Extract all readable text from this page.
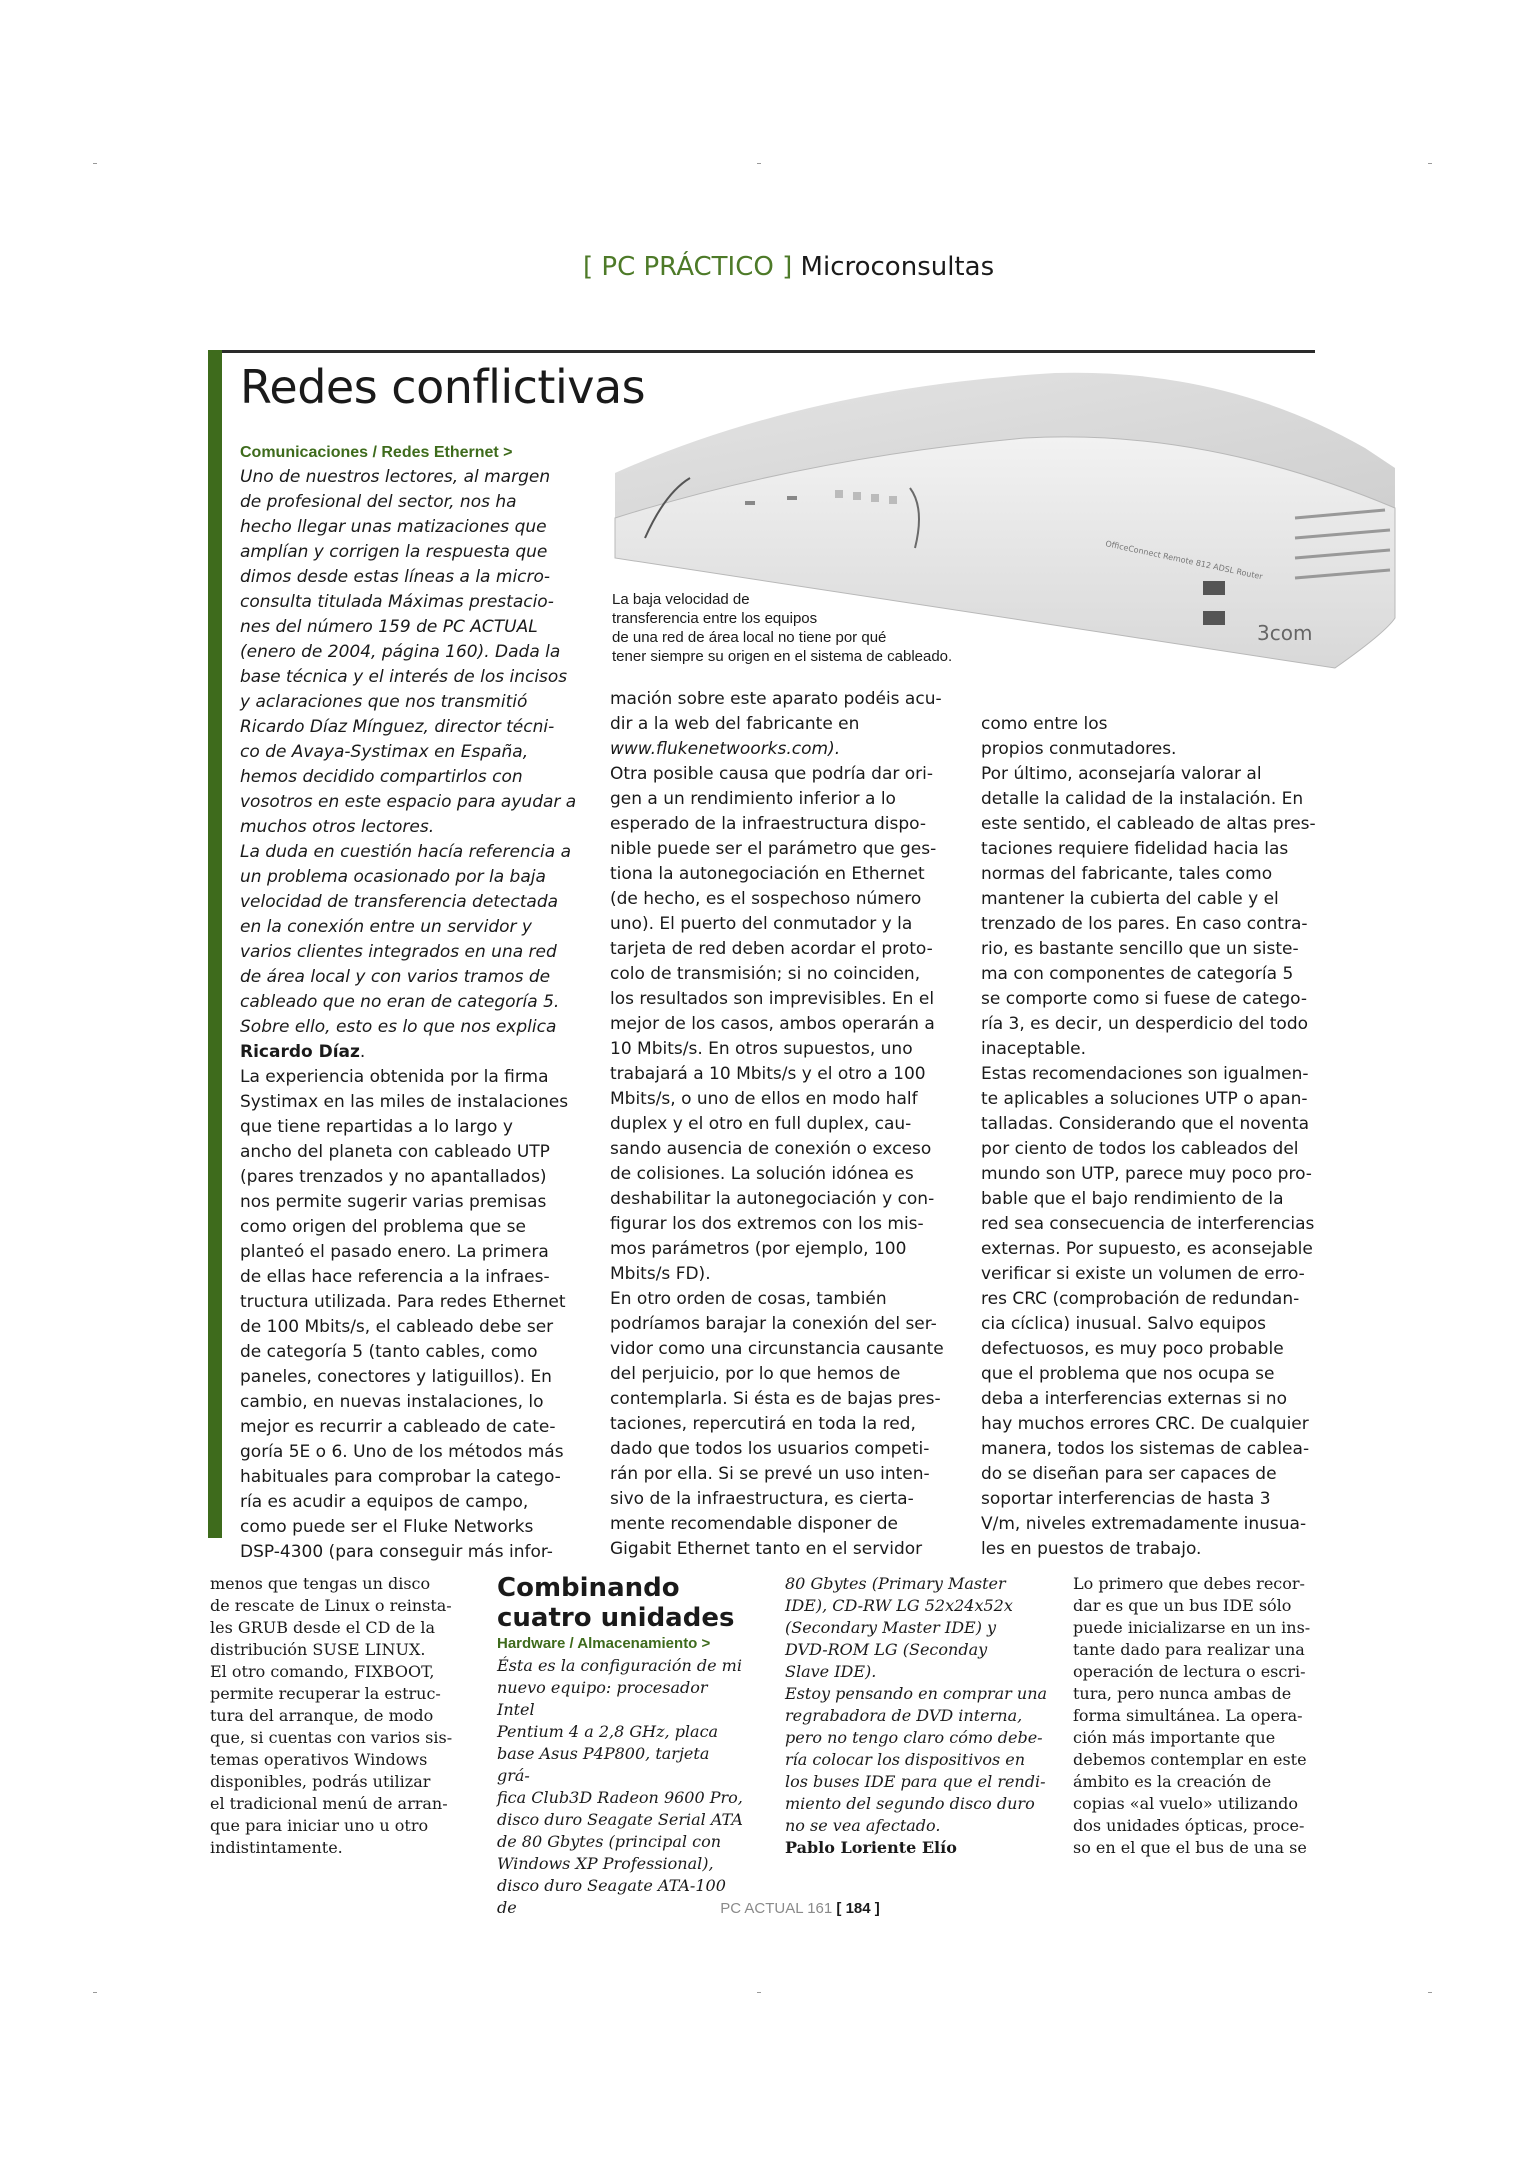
[ PC PRÁCTICO ] Microconsultas
Redes conflictivas

Comunicaciones / Redes Ethernet >

Uno de nuestros lectores, al margen

de profesional del sector, nos ha

hecho llegar unas matizaciones que

amplían y corrigen la respuesta que

dimos desde estas líneas a la micro-

consulta titulada Máximas prestacio-

nes del número 159 de PC ACTUAL

(enero de 2004, página 160). Dada la

base técnica y el interés de los incisos

y aclaraciones que nos transmitió

Ricardo Díaz Mínguez, director técni-

co de Avaya-Systimax en España,

hemos decidido compartirlos con

vosotros en este espacio para ayudar a

muchos otros lectores.

La duda en cuestión hacía referencia a

un problema ocasionado por la baja

velocidad de transferencia detectada

en la conexión entre un servidor y

varios clientes integrados en una red

de área local y con varios tramos de

cableado que no eran de categoría 5.

Sobre ello, esto es lo que nos explica

Ricardo Díaz.

La experiencia obtenida por la firma

Systimax en las miles de instalaciones

que tiene repartidas a lo largo y

ancho del planeta con cableado UTP

(pares trenzados y no apantallados)

nos permite sugerir varias premisas

como origen del problema que se

planteó el pasado enero. La primera

de ellas hace referencia a la infraes-

tructura utilizada. Para redes Ethernet

de 100 Mbits/s, el cableado debe ser

de categoría 5 (tanto cables, como

paneles, conectores y latiguillos). En

cambio, en nuevas instalaciones, lo

mejor es recurrir a cableado de cate-

goría 5E o 6. Uno de los métodos más

habituales para comprobar la catego-

ría es acudir a equipos de campo,

como puede ser el Fluke Networks

DSP-4300 (para conseguir más infor-

OfficeConnect Remote 812 ADSL Router
3com

La baja velocidad de

transferencia entre los equipos

de una red de área local no tiene por qué

tener siempre su origen en el sistema de cableado.

mación sobre este aparato podéis acu-

dir a la web del fabricante en

www.flukenetwoorks.com).

Otra posible causa que podría dar ori-

gen a un rendimiento inferior a lo

esperado de la infraestructura dispo-

nible puede ser el parámetro que ges-

tiona la autonegociación en Ethernet

(de hecho, es el sospechoso número

uno). El puerto del conmutador y la

tarjeta de red deben acordar el proto-

colo de transmisión; si no coinciden,

los resultados son imprevisibles. En el

mejor de los casos, ambos operarán a

10 Mbits/s. En otros supuestos, uno

trabajará a 10 Mbits/s y el otro a 100

Mbits/s, o uno de ellos en modo half

duplex y el otro en full duplex, cau-

sando ausencia de conexión o exceso

de colisiones. La solución idónea es

deshabilitar la autonegociación y con-

figurar los dos extremos con los mis-

mos parámetros (por ejemplo, 100

Mbits/s FD).

En otro orden de cosas, también

podríamos barajar la conexión del ser-

vidor como una circunstancia causante

del perjuicio, por lo que hemos de

contemplarla. Si ésta es de bajas pres-

taciones, repercutirá en toda la red,

dado que todos los usuarios competi-

rán por ella. Si se prevé un uso inten-

sivo de la infraestructura, es cierta-

mente recomendable disponer de

Gigabit Ethernet tanto en el servidor

como entre los

propios conmutadores.

Por último, aconsejaría valorar al

detalle la calidad de la instalación. En

este sentido, el cableado de altas pres-

taciones requiere fidelidad hacia las

normas del fabricante, tales como

mantener la cubierta del cable y el

trenzado de los pares. En caso contra-

rio, es bastante sencillo que un siste-

ma con componentes de categoría 5

se comporte como si fuese de catego-

ría 3, es decir, un desperdicio del todo

inaceptable.

Estas recomendaciones son igualmen-

te aplicables a soluciones UTP o apan-

talladas. Considerando que el noventa

por ciento de todos los cableados del

mundo son UTP, parece muy poco pro-

bable que el bajo rendimiento de la

red sea consecuencia de interferencias

externas. Por supuesto, es aconsejable

verificar si existe un volumen de erro-

res CRC (comprobación de redundan-

cia cíclica) inusual. Salvo equipos

defectuosos, es muy poco probable

que el problema que nos ocupa se

deba a interferencias externas si no

hay muchos errores CRC. De cualquier

manera, todos los sistemas de cablea-

do se diseñan para ser capaces de

soportar interferencias de hasta 3

V/m, niveles extremadamente inusua-

les en puestos de trabajo.

menos que tengas un disco

de rescate de Linux o reinsta-

les GRUB desde el CD de la

distribución SUSE LINUX.

El otro comando, FIXBOOT,

permite recuperar la estruc-

tura del arranque, de modo

que, si cuentas con varios sis-

temas operativos Windows

disponibles, podrás utilizar

el tradicional menú de arran-

que para iniciar uno u otro

indistintamente.

Combinando
cuatro unidades

Hardware / Almacenamiento >

Ésta es la configuración de mi

nuevo equipo: procesador Intel

Pentium 4 a 2,8 GHz, placa

base Asus P4P800, tarjeta grá-

fica Club3D Radeon 9600 Pro,

disco duro Seagate Serial ATA

de 80 Gbytes (principal con

Windows XP Professional),

disco duro Seagate ATA-100 de

80 Gbytes (Primary Master

IDE), CD-RW LG 52x24x52x

(Secondary Master IDE) y

DVD-ROM LG (Seconday

Slave IDE).

Estoy pensando en comprar una

regrabadora de DVD interna,

pero no tengo claro cómo debe-

ría colocar los dispositivos en

los buses IDE para que el rendi-

miento del segundo disco duro

no se vea afectado.

Pablo Loriente Elío

Lo primero que debes recor-

dar es que un bus IDE sólo

puede inicializarse en un ins-

tante dado para realizar una

operación de lectura o escri-

tura, pero nunca ambas de

forma simultánea. La opera-

ción más importante que

debemos contemplar en este

ámbito es la creación de

copias «al vuelo» utilizando

dos unidades ópticas, proce-

so en el que el bus de una se

PC ACTUAL 161 [ 184 ]
